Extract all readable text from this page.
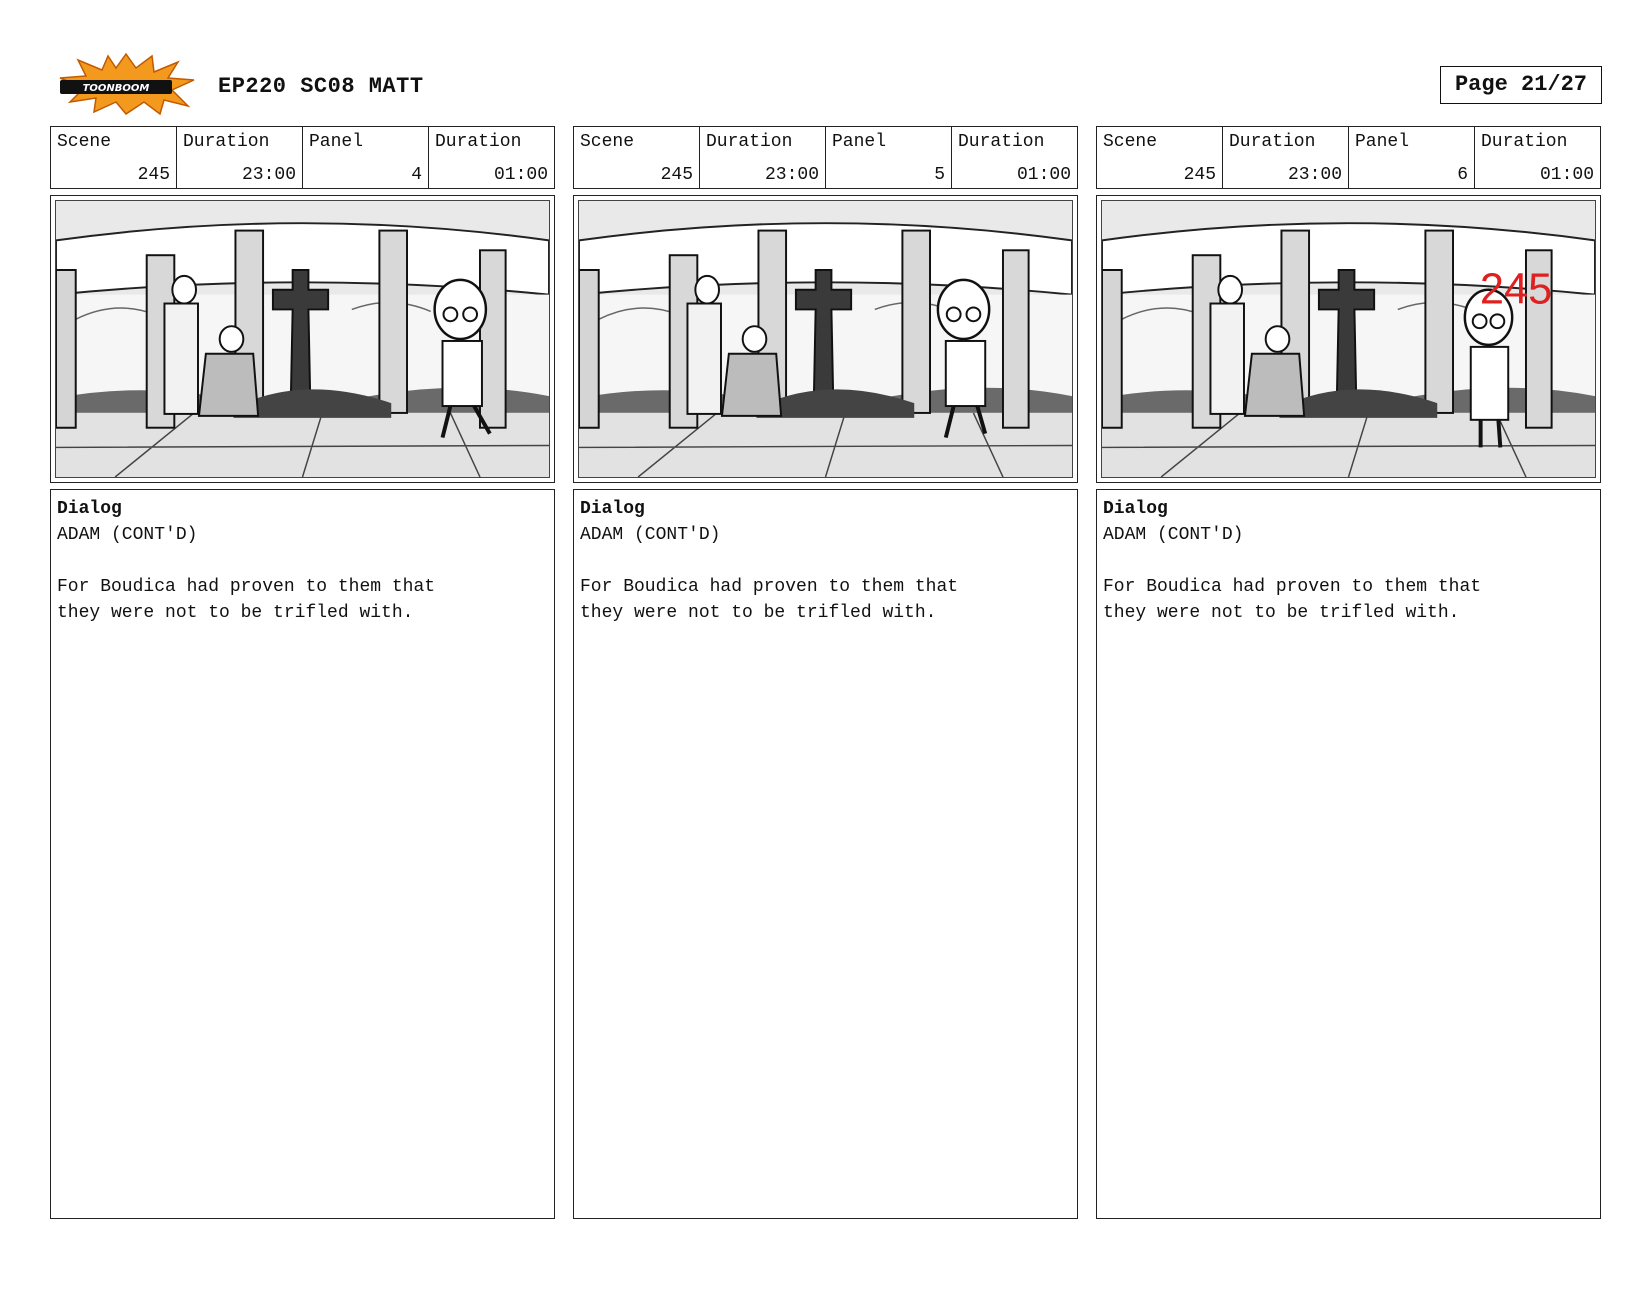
TOONBOOM	EP220 SC08 MATT	Page 21/27
Scene
245
Duration
23:00
Panel
4
Duration
01:00
Dialog
ADAM (CONT'D)
For Boudica had proven to them that
they were not to be trifled with.
Scene
245
Duration
23:00
Panel
5
Duration
01:00
Dialog
ADAM (CONT'D)
For Boudica had proven to them that
they were not to be trifled with.
Scene
245
Duration
23:00
Panel
6
Duration
01:00
245
Dialog
ADAM (CONT'D)
For Boudica had proven to them that
they were not to be trifled with.
